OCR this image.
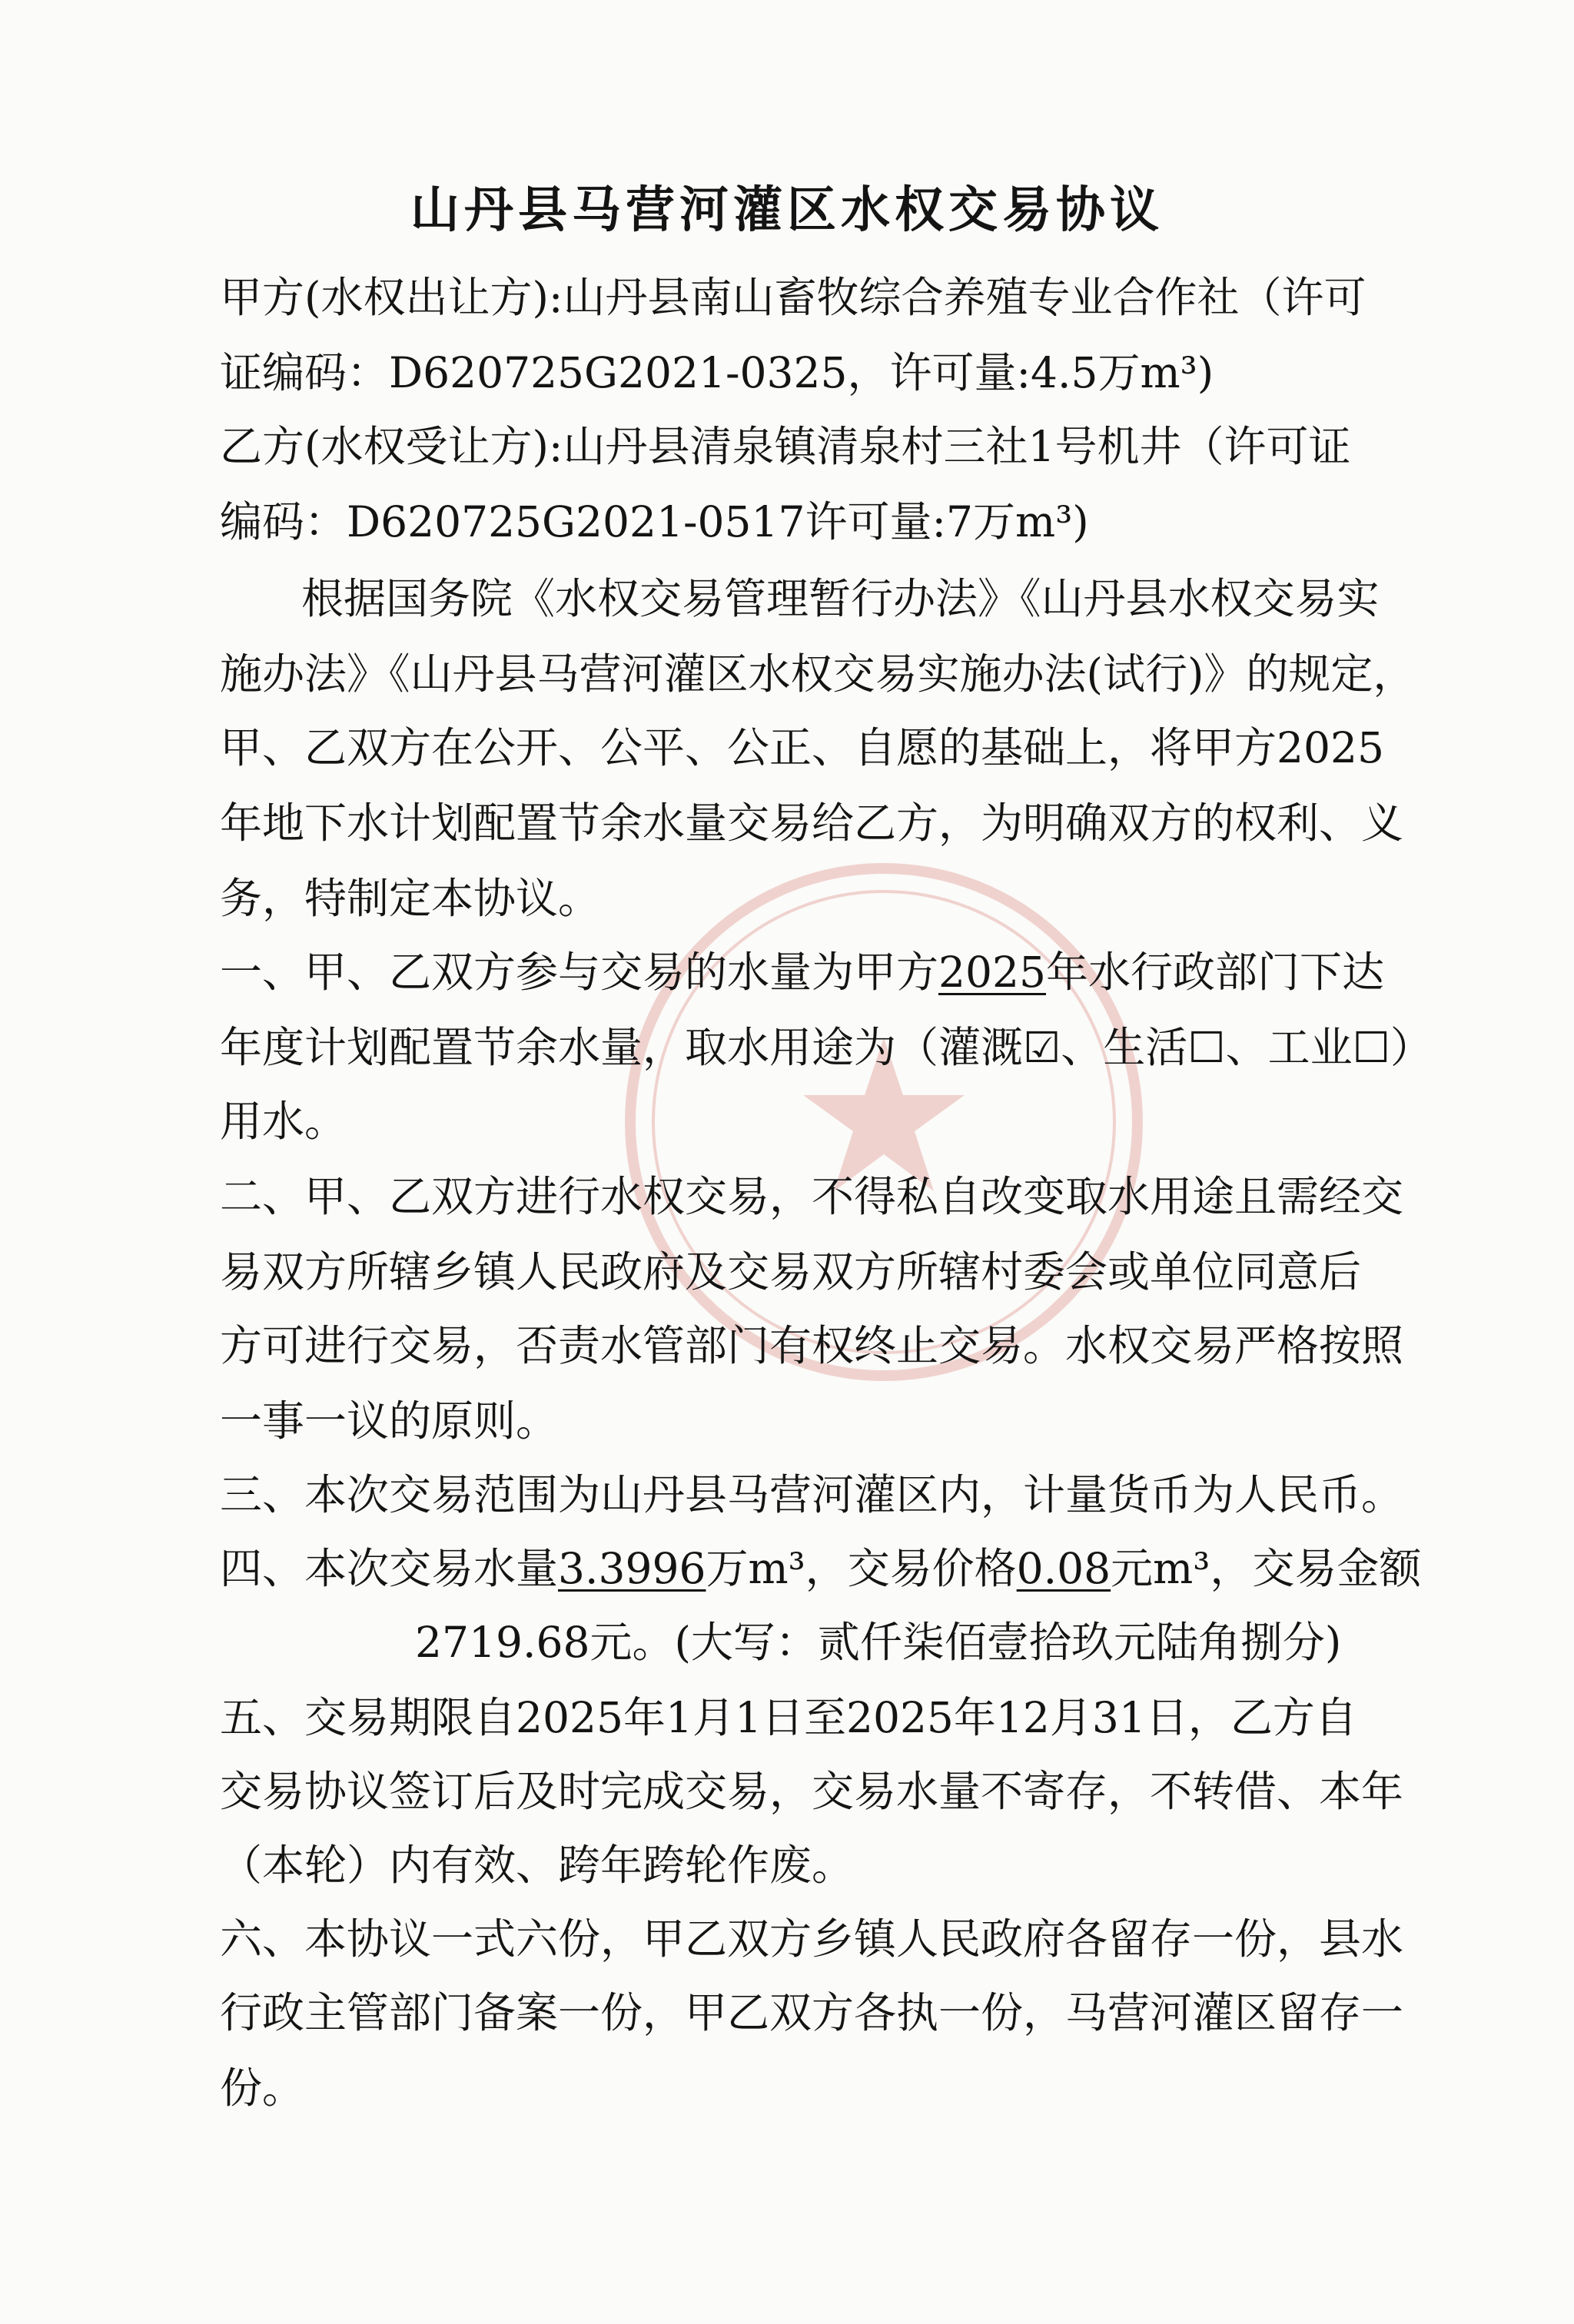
山丹县马营河灌区水权交易协议
甲方(水权出让方):山丹县南山畜牧综合养殖专业合作社（许可
证编码：D620725G2021-0325，许可量:4.5万m³)
乙方(水权受让方):山丹县清泉镇清泉村三社1号机井（许可证
编码：D620725G2021-0517许可量:7万m³)
根据国务院《水权交易管理暂行办法》《山丹县水权交易实
施办法》《山丹县马营河灌区水权交易实施办法(试行)》的规定，
甲、乙双方在公开、公平、公正、自愿的基础上，将甲方2025
年地下水计划配置节余水量交易给乙方，为明确双方的权利、义
务，特制定本协议。
一、甲、乙双方参与交易的水量为甲方2025年水行政部门下达
年度计划配置节余水量，取水用途为（灌溉☑、生活☐、工业☐）
用水。
二、甲、乙双方进行水权交易，不得私自改变取水用途且需经交
易双方所辖乡镇人民政府及交易双方所辖村委会或单位同意后
方可进行交易，否责水管部门有权终止交易。水权交易严格按照
一事一议的原则。
三、本次交易范围为山丹县马营河灌区内，计量货币为人民币。
四、本次交易水量3.3996万m³，交易价格0.08元m³，交易金额
2719.68元。(大写：贰仟柒佰壹拾玖元陆角捌分)
五、交易期限自2025年1月1日至2025年12月31日，乙方自
交易协议签订后及时完成交易，交易水量不寄存，不转借、本年
（本轮）内有效、跨年跨轮作废。
六、本协议一式六份，甲乙双方乡镇人民政府各留存一份，县水
行政主管部门备案一份，甲乙双方各执一份，马营河灌区留存一
份。
